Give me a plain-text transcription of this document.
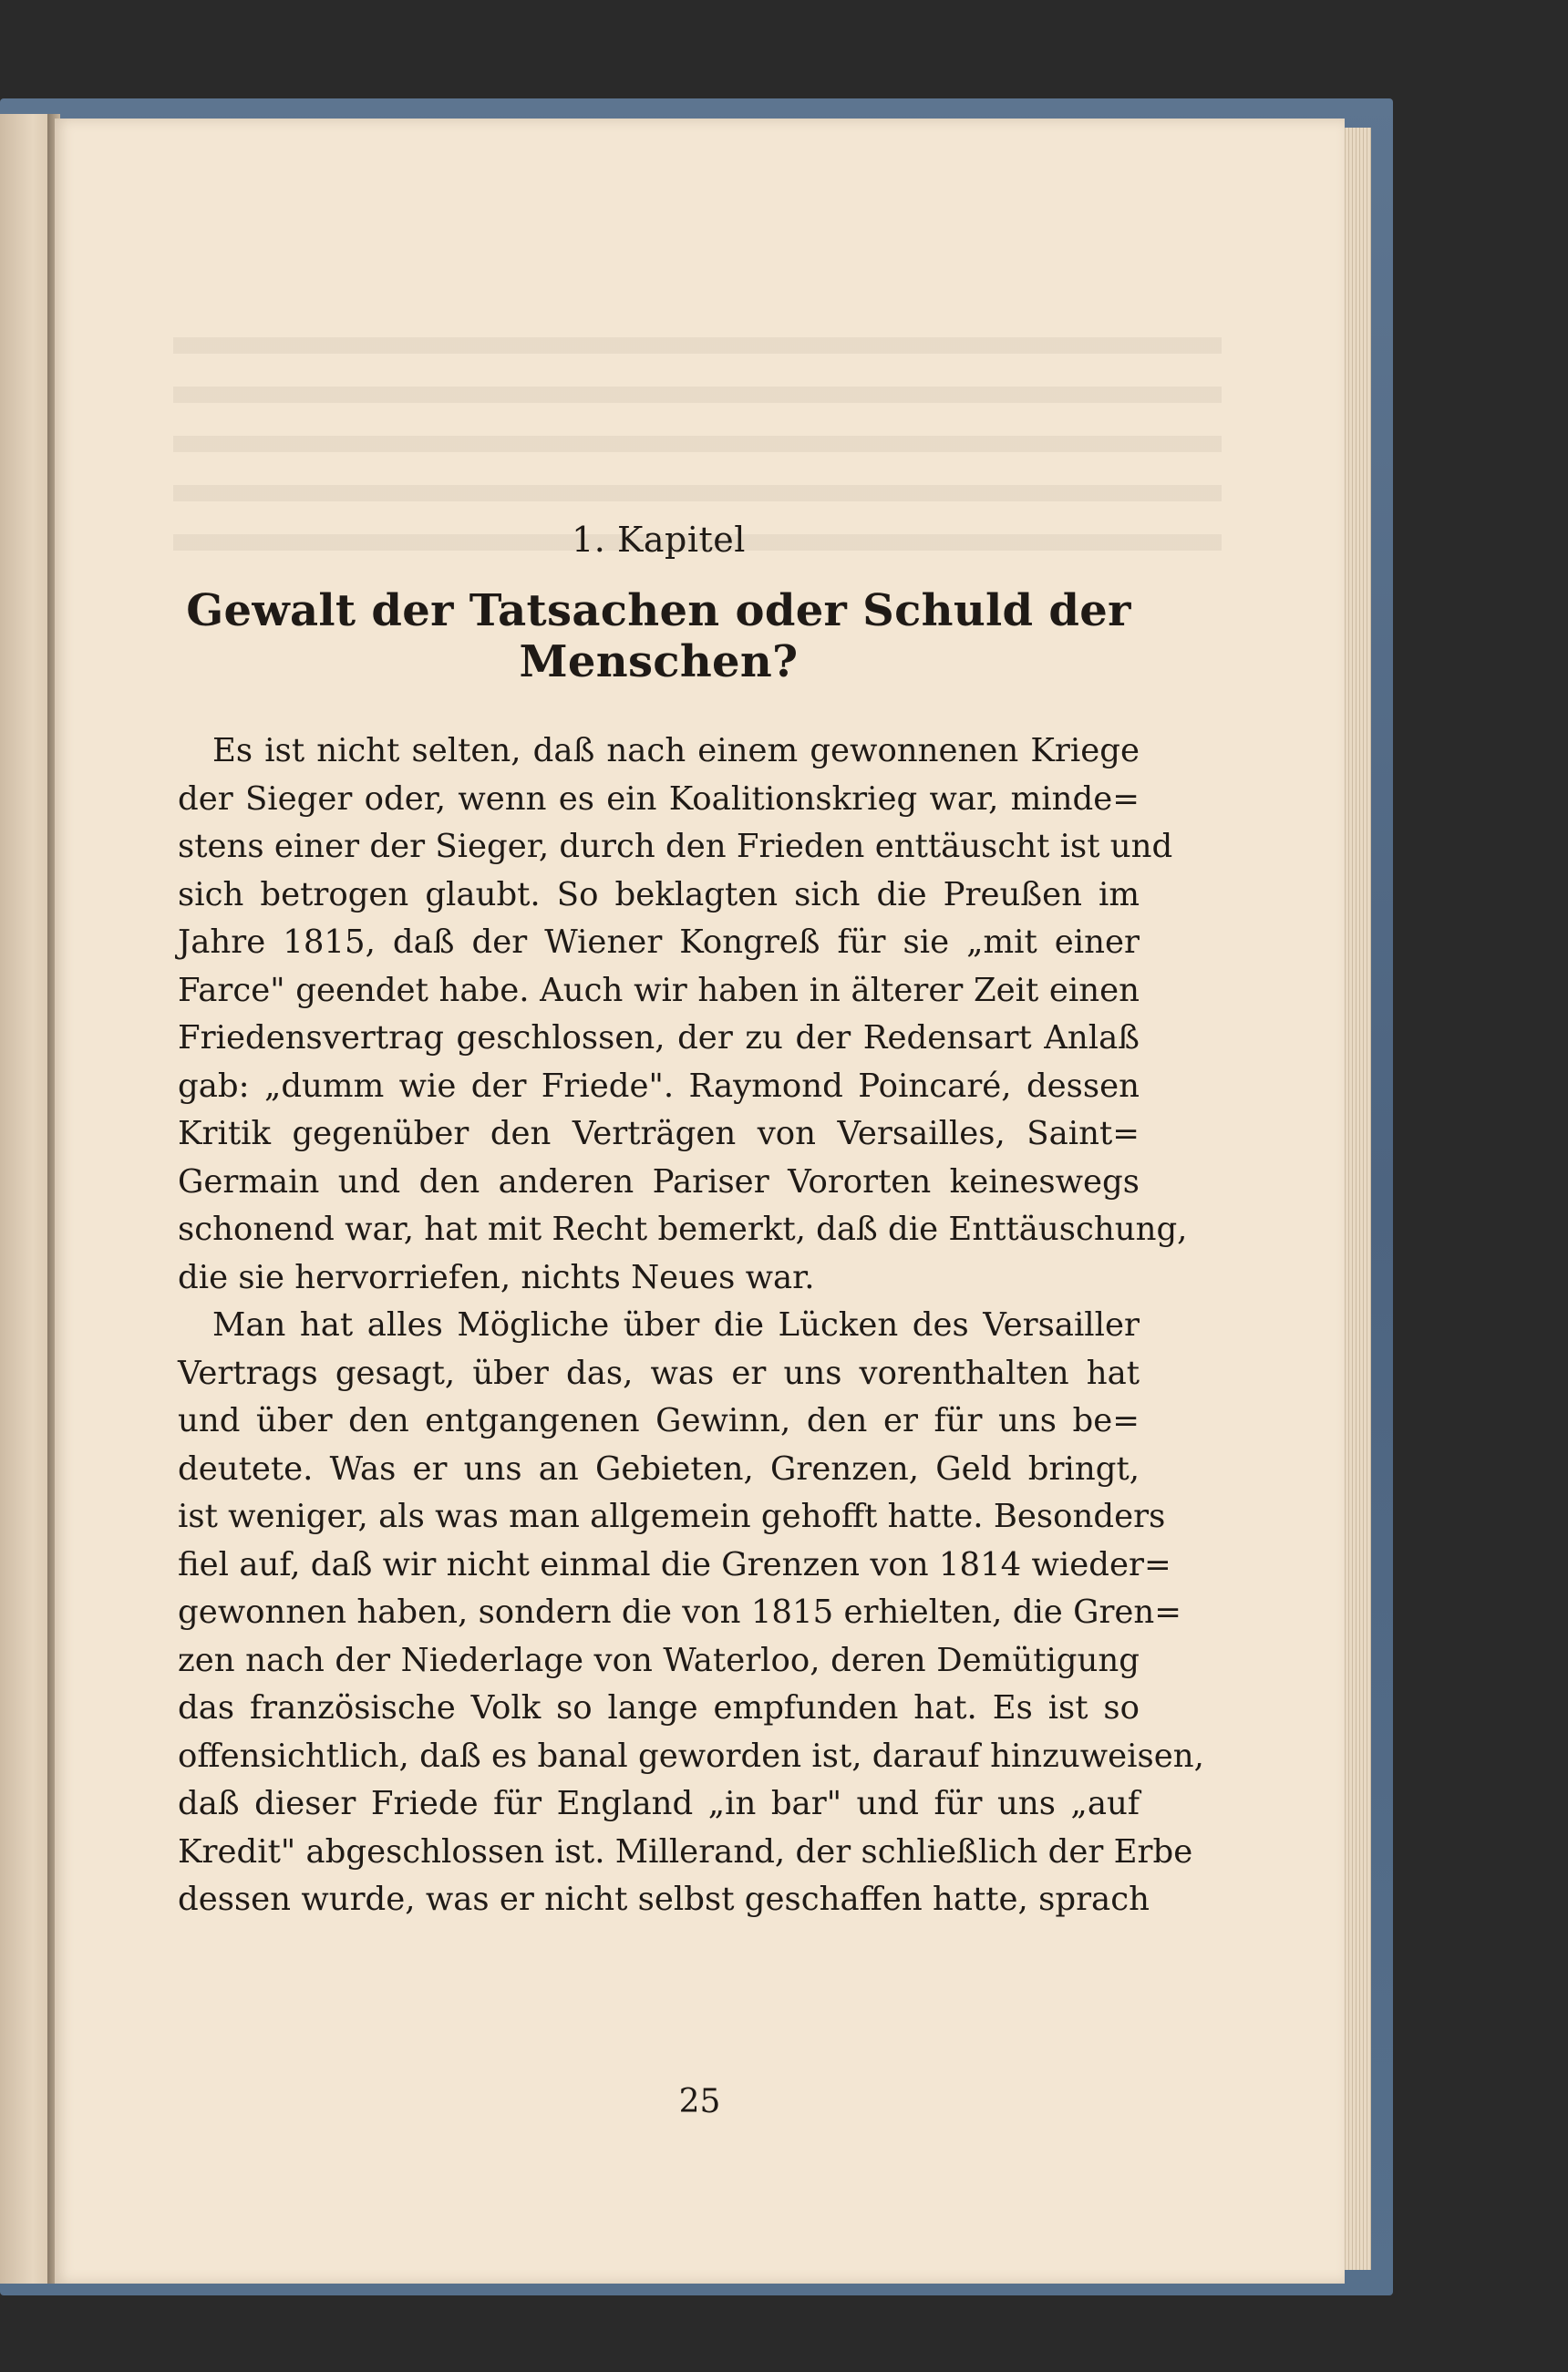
1. Kapitel
Gewalt der Tatsachen oder Schuld der Menschen?
Es ist nicht selten, daß nach einem gewonnenen Kriege
der Sieger oder, wenn es ein Koalitionskrieg war, minde=
stens einer der Sieger, durch den Frieden enttäuscht ist und
sich betrogen glaubt. So beklagten sich die Preußen im
Jahre 1815, daß der Wiener Kongreß für sie „mit einer
Farce" geendet habe. Auch wir haben in älterer Zeit einen
Friedensvertrag geschlossen, der zu der Redensart Anlaß
gab: „dumm wie der Friede". Raymond Poincaré, dessen
Kritik gegenüber den Verträgen von Versailles, Saint=
Germain und den anderen Pariser Vororten keineswegs
schonend war, hat mit Recht bemerkt, daß die Enttäuschung,
die sie hervorriefen, nichts Neues war.
Man hat alles Mögliche über die Lücken des Versailler
Vertrags gesagt, über das, was er uns vorenthalten hat
und über den entgangenen Gewinn, den er für uns be=
deutete. Was er uns an Gebieten, Grenzen, Geld bringt,
ist weniger, als was man allgemein gehofft hatte. Besonders
fiel auf, daß wir nicht einmal die Grenzen von 1814 wieder=
gewonnen haben, sondern die von 1815 erhielten, die Gren=
zen nach der Niederlage von Waterloo, deren Demütigung
das französische Volk so lange empfunden hat. Es ist so
offensichtlich, daß es banal geworden ist, darauf hinzuweisen,
daß dieser Friede für England „in bar" und für uns „auf
Kredit" abgeschlossen ist. Millerand, der schließlich der Erbe
dessen wurde, was er nicht selbst geschaffen hatte, sprach
25
